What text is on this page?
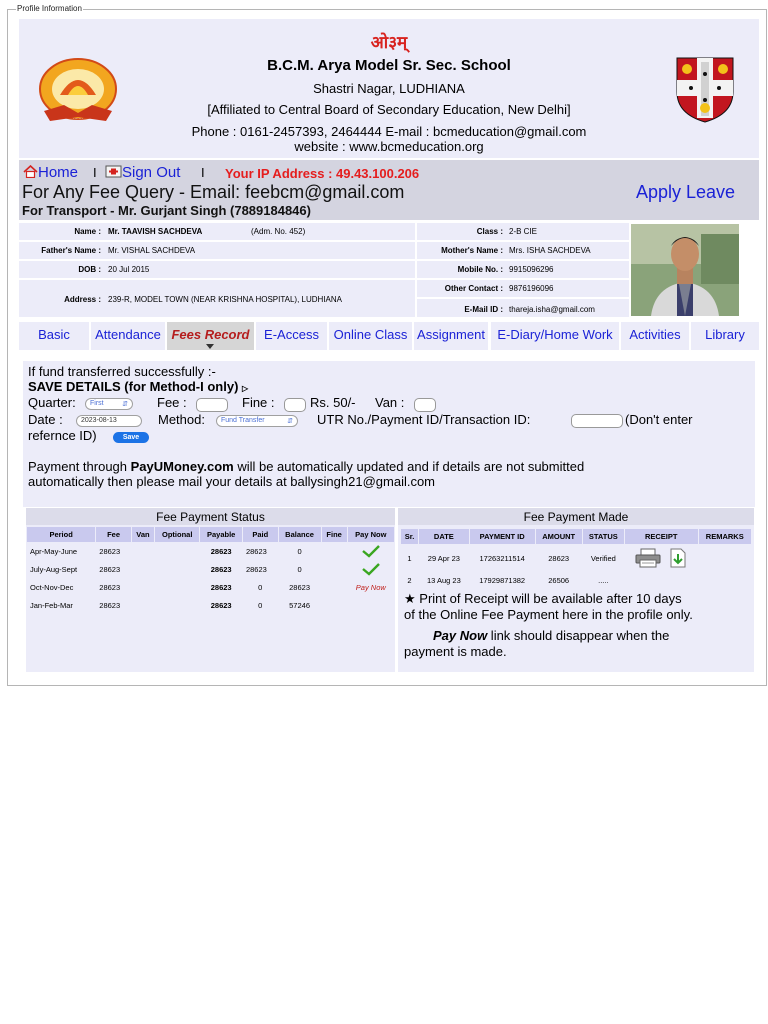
Profile Information
.......
ओ३म्
B.C.M. Arya Model Sr. Sec. School
Shastri Nagar, LUDHIANA
[Affiliated to Central Board of Secondary Education, New Delhi]
Phone : 0161-2457393, 2464444 E-mail : bcmeducation@gmail.com
website : www.bcmeducation.org
Home I	Sign Out I Your IP Address : 49.43.100.206
For Any Fee Query - Email: feebcm@gmail.com	Apply Leave
For Transport - Mr. Gurjant Singh (7889184846)
Name : Mr. TAAVISH SACHDEVA	(Adm. No. 452)	Class : 2-B CIE
Father's Name : Mr. VISHAL SACHDEVA	Mother's Name : Mrs. ISHA SACHDEVA
DOB : 20 Jul 2015	Mobile No. : 9915096296
Address : 239-R, MODEL TOWN (NEAR KRISHNA HOSPITAL), LUDHIANA
Other Contact : 9876196096
E-Mail ID : thareja.isha@gmail.com
Basic	Attendance Fees Record	E-Access	Online Class Assignment E-Diary/Home Work	Activities	Library
If fund transferred successfully :-
SAVE DETAILS (for Method-I only) ▷
Quarter:	First	⇵ Fee :	Fine :	Rs. 50/- Van :
Date :	2023-08-13	Method:	Fund Transfer	⇵ UTR No./Payment ID/Transaction ID:	(Don't enter
refernce ID)	Save
Payment through PayUMoney.com will be automatically updated and if details are not submitted
automatically then please mail your details at ballysingh21@gmail.com
Fee Payment Status
Period	Fee	Van	Optional	Payable	Paid	Balance	Fine	Pay Now
Apr-May-June	28623			28623	28623	0		
July-Aug-Sept	28623			28623	28623	0		
Oct-Nov-Dec	28623			28623	0	28623		Pay Now
Jan-Feb-Mar	28623			28623	0	57246		
Fee Payment Made
Sr.	DATE	PAYMENT ID	AMOUNT	STATUS	RECEIPT	REMARKS
1	29 Apr 23	17263211514	28623	Verified		
2	13 Aug 23	17929871382	26506	.....		
★ Print of Receipt will be available after 10 days
of the Online Fee Payment here in the profile only.
Pay Now link should disappear when the
payment is made.
